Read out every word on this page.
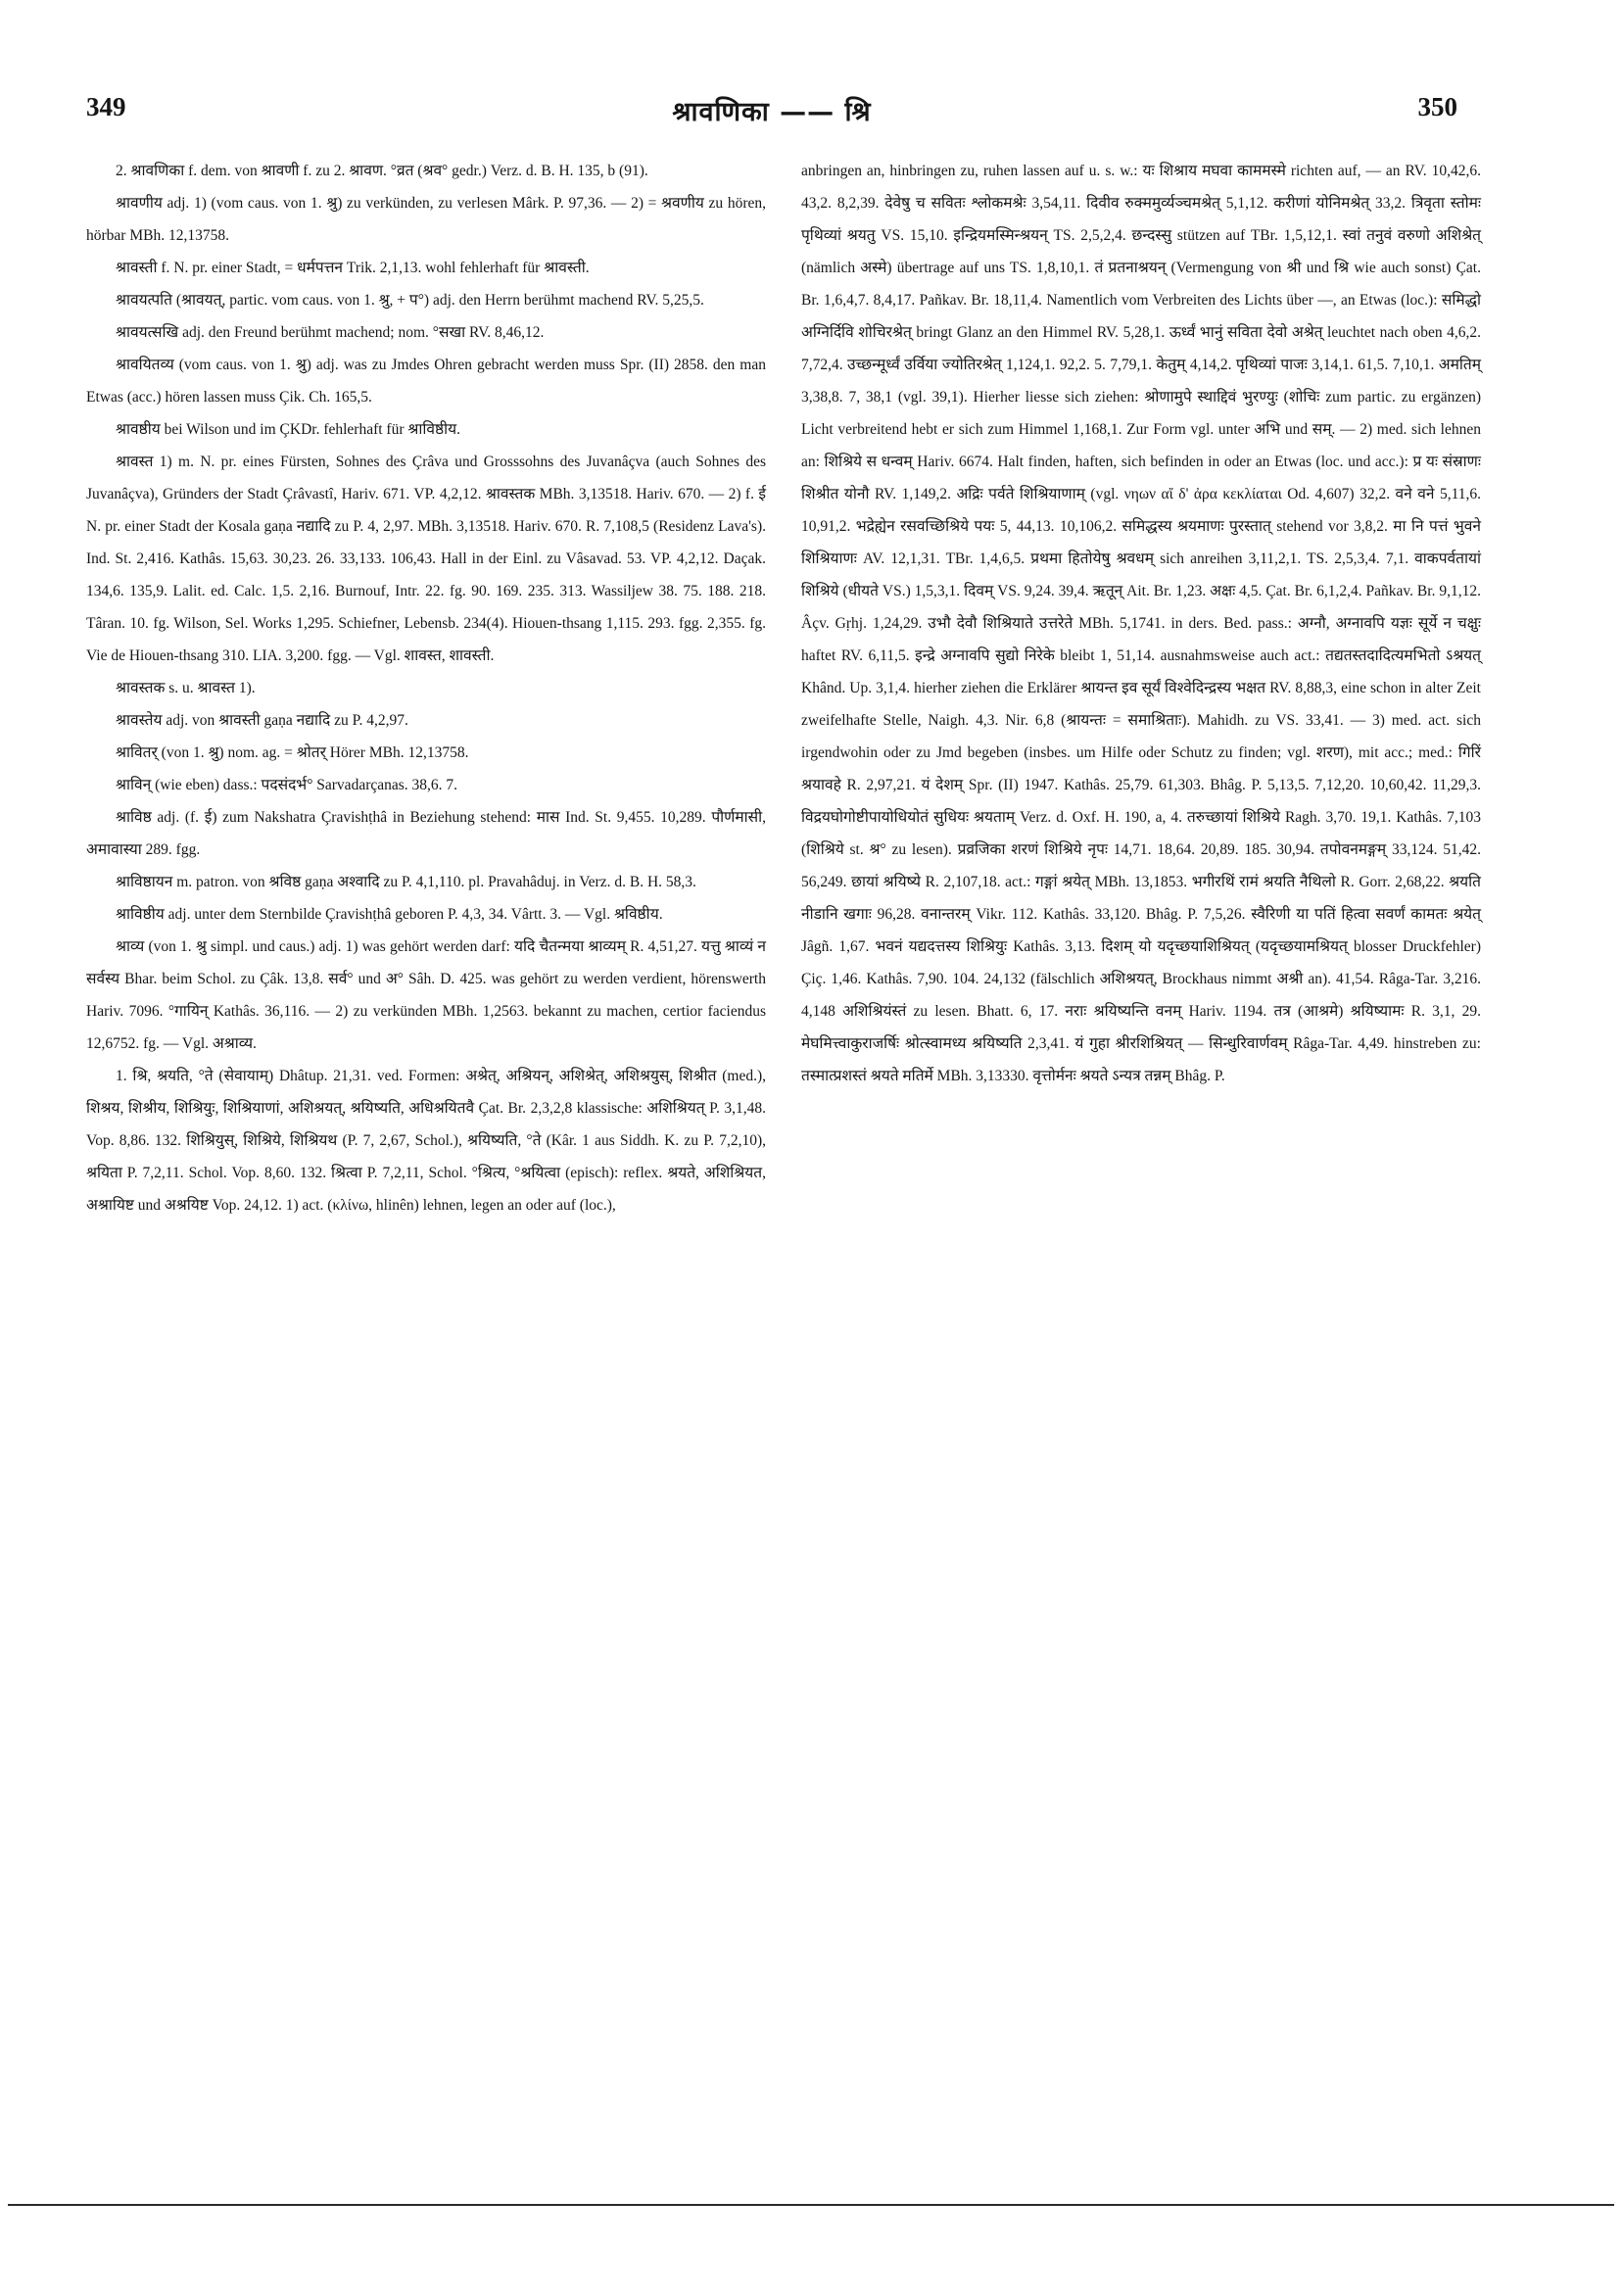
349	श्रावणिका —— श्रि	350

2. श्रावणिका f. dem. von श्रावणी f. zu 2. श्रावण. °व्रत (श्रव° gedr.) Verz. d. B. H. 135, b (91).

श्रावणीय adj. 1) (vom caus. von 1. श्रु) zu verkünden, zu verlesen Mârk. P. 97,36. — 2) = श्रवणीय zu hören, hörbar MBh. 12,13758.

श्रावस्ती f. N. pr. einer Stadt, = धर्मपत्तन Trik. 2,1,13. wohl fehlerhaft für श्रावस्ती.

श्रावयत्पति (श्रावयत्, partic. vom caus. von 1. श्रु, + प°) adj. den Herrn berühmt machend RV. 5,25,5.

श्रावयत्सखि adj. den Freund berühmt machend; nom. °सखा RV. 8,46,12.

श्रावयितव्य (vom caus. von 1. श्रु) adj. was zu Jmdes Ohren gebracht werden muss Spr. (II) 2858. den man Etwas (acc.) hören lassen muss Çik. Ch. 165,5.

श्रावष्ठीय bei Wilson und im ÇKDr. fehlerhaft für श्राविष्ठीय.

श्रावस्त 1) m. N. pr. eines Fürsten, Sohnes des Çrâva und Grosssohns des Juvanâçva (auch Sohnes des Juvanâçva), Gründers der Stadt Çrâvastî, Hariv. 671. VP. 4,2,12. श्रावस्तक MBh. 3,13518. Hariv. 670. — 2) f. ई N. pr. einer Stadt der Kosala gaṇa नद्यादि zu P. 4, 2,97. MBh. 3,13518. Hariv. 670. R. 7,108,5 (Residenz Lava's). Ind. St. 2,416. Kathâs. 15,63. 30,23. 26. 33,133. 106,43. Hall in der Einl. zu Vâsavad. 53. VP. 4,2,12. Daçak. 134,6. 135,9. Lalit. ed. Calc. 1,5. 2,16. Burnouf, Intr. 22. fg. 90. 169. 235. 313. Wassiljew 38. 75. 188. 218. Târan. 10. fg. Wilson, Sel. Works 1,295. Schiefner, Lebensb. 234(4). Hiouen-thsang 1,115. 293. fgg. 2,355. fg. Vie de Hiouen-thsang 310. LIA. 3,200. fgg. — Vgl. शावस्त, शावस्ती.

श्रावस्तक s. u. श्रावस्त 1).

श्रावस्तेय adj. von श्रावस्ती gaṇa नद्यादि zu P. 4,2,97.

श्रावितर् (von 1. श्रु) nom. ag. = श्रोतर् Hörer MBh. 12,13758.

श्राविन् (wie eben) dass.: पदसंदर्भ° Sarvadarçanas. 38,6. 7.

श्राविष्ठ adj. (f. ई) zum Nakshatra Çravishṭhâ in Beziehung stehend: मास Ind. St. 9,455. 10,289. पौर्णमासी, अमावास्या 289. fgg.

श्राविष्ठायन m. patron. von श्रविष्ठ gaṇa अश्वादि zu P. 4,1,110. pl. Pravahâduj. in Verz. d. B. H. 58,3.

श्राविष्ठीय adj. unter dem Sternbilde Çravishṭhâ geboren P. 4,3, 34. Vârtt. 3. — Vgl. श्रविष्ठीय.

श्राव्य (von 1. श्रु simpl. und caus.) adj. 1) was gehört werden darf: यदि चैतन्मया श्राव्यम् R. 4,51,27. यत्तु श्राव्यं न सर्वस्य Bhar. beim Schol. zu Çâk. 13,8. सर्व° und अ° Sâh. D. 425. was gehört zu werden verdient, hörenswerth Hariv. 7096. °गायिन् Kathâs. 36,116. — 2) zu verkünden MBh. 1,2563. bekannt zu machen, certior faciendus 12,6752. fg. — Vgl. अश्राव्य.

1. श्रि, श्रयति, °ते (सेवायाम्) Dhâtup. 21,31. ved. Formen: अश्रेत्, अश्रियन्, अशिश्रेत्, अशिश्रयुस्, शिश्रीत (med.), शिश्रय, शिश्रीय, शिश्रियुः, शिश्रियाणां, अशिश्रयत्, श्रयिष्यति, अधिश्रयितवै Çat. Br. 2,3,2,8 klassische: अशिश्रियत् P. 3,1,48. Vop. 8,86. 132. शिश्रियुस्, शिश्रिये, शिश्रियथ (P. 7, 2,67, Schol.), श्रयिष्यति, °ते (Kâr. 1 aus Siddh. K. zu P. 7,2,10), श्रयिता P. 7,2,11. Schol. Vop. 8,60. 132. श्रित्वा P. 7,2,11, Schol. °श्रित्य, °श्रयित्वा (episch): reflex. श्रयते, अशिश्रियत, अश्रायिष्ट und अश्रयिष्ट Vop. 24,12. 1) act. (κλίνω, hlinên) lehnen, legen an oder auf (loc.),

anbringen an, hinbringen zu, ruhen lassen auf u. s. w.: यः शिश्राय मघवा काममस्मे richten auf, — an RV. 10,42,6. 43,2. 8,2,39. देवेषु च सवितः श्लोकमश्रेः 3,54,11. दिवीव रुक्ममुर्व्यञ्चमश्रेत् 5,1,12. करीणां योनिमश्रेत् 33,2. त्रिवृता स्तोमः पृथिव्यां श्रयतु VS. 15,10. इन्द्रियमस्मिन्श्रयन् TS. 2,5,2,4. छन्दस्सु stützen auf TBr. 1,5,12,1. स्वां तनुवं वरुणो अशिश्रेत् (nämlich अस्मे) übertrage auf uns TS. 1,8,10,1. तं प्रतनाश्रयन् (Vermengung von श्री und श्रि wie auch sonst) Çat. Br. 1,6,4,7. 8,4,17. Pañkav. Br. 18,11,4. Namentlich vom Verbreiten des Lichts über —, an Etwas (loc.): समिद्धो अग्निर्दिवि शोचिरश्रेत् bringt Glanz an den Himmel RV. 5,28,1. ऊर्ध्वं भानुं सविता देवो अश्रेत् leuchtet nach oben 4,6,2. 7,72,4. उच्छन्मूर्ध्वं उर्विया ज्योतिरश्रेत् 1,124,1. 92,2. 5. 7,79,1. केतुम् 4,14,2. पृथिव्यां पाजः 3,14,1. 61,5. 7,10,1. अमतिम् 3,38,8. 7, 38,1 (vgl. 39,1). Hierher liesse sich ziehen: श्रोणामुपे स्थाद्दिवं भुरण्युः (शोचिः zum partic. zu ergänzen) Licht verbreitend hebt er sich zum Himmel 1,168,1. Zur Form vgl. unter अभि und सम्. — 2) med. sich lehnen an: शिश्रिये स धन्वम् Hariv. 6674. Halt finden, haften, sich befinden in oder an Etwas (loc. und acc.): प्र यः संस्राणः शिश्रीत योनौ RV. 1,149,2. अद्रिः पर्वते शिश्रियाणाम् (vgl. νηων αἴ δ' ἀρα κεκλίαται Od. 4,607) 32,2. वने वने 5,11,6. 10,91,2. भद्रेह्येन रसवच्छिश्रिये पयः 5, 44,13. 10,106,2. समिद्धस्य श्रयमाणः पुरस्तात् stehend vor 3,8,2. मा नि पत्तं भुवने शिश्रियाणः AV. 12,1,31. TBr. 1,4,6,5. प्रथमा हितोयेषु श्रवधम् sich anreihen 3,11,2,1. TS. 2,5,3,4. 7,1. वाकपर्वतायां शिश्रिये (धीयते VS.) 1,5,3,1. दिवम् VS. 9,24. 39,4. ऋतून् Ait. Br. 1,23. अक्षः 4,5. Çat. Br. 6,1,2,4. Pañkav. Br. 9,1,12. Âçv. Gṛhj. 1,24,29. उभौ देवौ शिश्रियाते उत्तरेते MBh. 5,1741. in ders. Bed. pass.: अग्नौ, अग्नावपि यज्ञः सूर्ये न चक्षुः haftet RV. 6,11,5. इन्द्रे अग्नावपि सुद्यो निरेके bleibt 1, 51,14. ausnahmsweise auch act.: तद्यतस्तदादित्यमभितो ऽश्रयत् Khând. Up. 3,1,4. hierher ziehen die Erklärer श्रायन्त इव सूर्यं विश्वेदिन्द्रस्य भक्षत RV. 8,88,3, eine schon in alter Zeit zweifelhafte Stelle, Naigh. 4,3. Nir. 6,8 (श्रायन्तः = समाश्रिताः). Mahidh. zu VS. 33,41. — 3) med. act. sich irgendwohin oder zu Jmd begeben (insbes. um Hilfe oder Schutz zu finden; vgl. शरण), mit acc.; med.: गिरिं श्रयावहे R. 2,97,21. यं देशम् Spr. (II) 1947. Kathâs. 25,79. 61,303. Bhâg. P. 5,13,5. 7,12,20. 10,60,42. 11,29,3. विद्रयघोगोष्टीपायोधियोतं सुधियः श्रयताम् Verz. d. Oxf. H. 190, a, 4. तरुच्छायां शिश्रिये Ragh. 3,70. 19,1. Kathâs. 7,103 (शिश्रिये st. श्र° zu lesen). प्रव्रजिका शरणं शिश्रिये नृपः 14,71. 18,64. 20,89. 185. 30,94. तपोवनमङ्गम् 33,124. 51,42. 56,249. छायां श्रयिष्ये R. 2,107,18. act.: गङ्गां श्रयेत् MBh. 13,1853. भगीरथिं रामं श्रयति नैथिलो R. Gorr. 2,68,22. श्रयति नीडानि खगाः 96,28. वनान्तरम् Vikr. 112. Kathâs. 33,120. Bhâg. P. 7,5,26. स्वैरिणी या पतिं हित्वा सवर्णं कामतः श्रयेत् Jâgñ. 1,67. भवनं यद्यदत्तस्य शिश्रियुः Kathâs. 3,13. दिशम् यो यदृच्छयाशिश्रियत् (यदृच्छयामश्रियत् blosser Druckfehler) Çiç. 1,46. Kathâs. 7,90. 104. 24,132 (fälschlich अशिश्रयत्, Brockhaus nimmt अश्री an). 41,54. Râga-Tar. 3,216. 4,148 अशिश्रियंस्तं zu lesen. Bhatt. 6, 17. नराः श्रयिष्यन्ति वनम् Hariv. 1194. तत्र (आश्रमे) श्रयिष्यामः R. 3,1, 29. मेघमित्त्वाकुराजर्षिः श्रोत्स्वामध्य श्रयिष्यति 2,3,41. यं गुहा श्रीरशिश्रियत् — सिन्धुरिवार्णवम् Râga-Tar. 4,49. hinstreben zu: तस्मात्प्रशस्तं श्रयते मतिर्मे MBh. 3,13330. वृत्तोर्मनः श्रयते ऽन्यत्र तन्नम् Bhâg. P.
